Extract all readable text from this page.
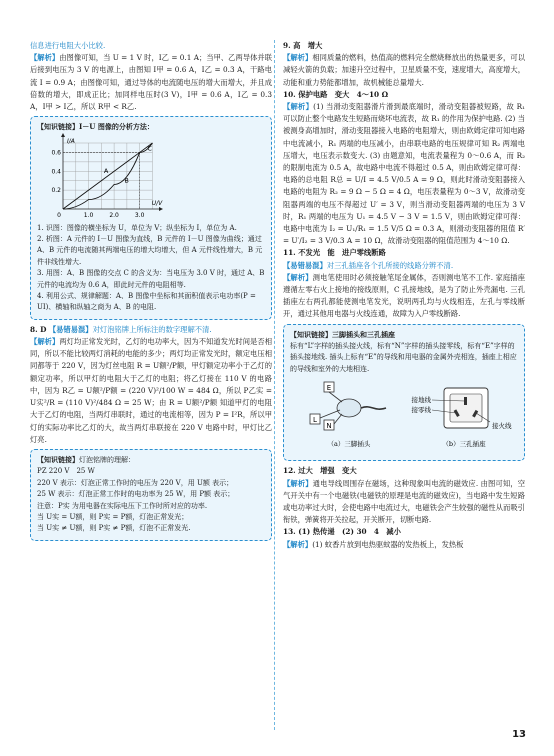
信息进行电阻大小比较.

【解析】由图像可知，当 U = 1 V 时，I乙 = 0.1 A；当甲、乙两导体并联后接到电压为 3 V 的电源上，由图知 I甲 = 0.6 A，I乙 = 0.3 A，干路电流 I = 0.9 A；由图像可知，通过导体的电流随电压的增大而增大，并且成倍数的增大，即成正比；加同样电压时(3 V)，I甲 = 0.6 A，I乙 = 0.3 A，I甲 > I乙，所以 R甲 < R乙.

【知识链接】I－U 图像的分析方法：
0	1.0	2.0	3.0
0.2
0.4
0.6
U/V
I/A
A
B
C
1. 识图：图像的横坐标为 U，单位为 V；纵坐标为 I，单位为 A.
2. 析图：A 元件的 I－U 图像为直线，B 元件的 I－U 图像为曲线；通过 A、B 元件的电流随其两端电压的增大均增大，但 A 元件线性增大，B 元件非线性增大.
3. 用图：A、B 图像的交点 C 的含义为：当电压为 3.0 V 时，通过 A、B 元件的电流均为 0.6 A，即此时元件的电阻相等.
4. 利用公式、规律解题：A、B 图像中坐标和其面积值表示电功率(P = UI)、横轴和纵轴之商为 A、B 的电阻.

8. D 【易错易混】对灯泡铭牌上所标注的数字理解不清.

【解析】两灯均正常发光时，乙灯的电功率大，因为不知道发光时间是否相同，所以不能比较两灯消耗的电能的多少；两灯均正常发光时，额定电压相同都等于 220 V，因为灯丝电阻 R = U额²/P额，甲灯额定功率小于乙灯的额定功率，所以甲灯的电阻大于乙灯的电阻；将乙灯接在 110 V 的电路中，因为 R乙 = U额²/P额 = (220 V)²/100 W = 484 Ω，所以 P乙实 = U实²/R = (110 V)²/484 Ω = 25 W；由 R = U额²/P额 知道甲灯的电阻大于乙灯的电阻，当两灯串联时，通过的电流相等，因为 P = I²R，所以甲灯的实际功率比乙灯的大，故当两灯串联接在 220 V 电路中时，甲灯比乙灯亮.

【知识链接】灯泡铭牌的理解：
PZ 220 V　25 W
220 V 表示：灯泡正常工作时的电压为 220 V，用 U额 表示；
25 W 表示：灯泡正常工作时的电功率为 25 W，用 P额 表示；
注意：P实 为用电器在实际电压下工作时所对应的功率.
当 U实 = U额，则 P实 = P额，灯泡正常发光；
当 U实 ≠ U额，则 P实 ≠ P额，灯泡不正常发光.

9. 高　增大

【解析】相同质量的燃料，热值高的燃料完全燃烧释放出的热量更多，可以减轻火箭的负载；加速升空过程中，卫星质量不变，速度增大，高度增大，动能和重力势能都增加，故机械能总量增大.

10. 保护电路　变大　4～10 Ω

【解析】(1) 当滑动变阻器滑片滑到最底端时，滑动变阻器被短路，故 R₁ 可以防止整个电路发生短路而烧坏电流表，故 R₁ 的作用为保护电路. (2) 当被测身高增加时，滑动变阻器接入电路的电阻增大，则由欧姆定律可知电路中电流减小，R₁ 两端的电压减小，由串联电路的电压规律可知 R₂ 两端电压增大，电压表示数变大. (3) 由题意知，电流表量程为 0～0.6 A，而 R₂ 的限制电流为 0.5 A，故电路中电流不得超过 0.5 A，则由欧姆定律可得：电路的总电阻 R总 = U/I = 4.5 V/0.5 A = 9 Ω，则此时滑动变阻器接入电路的电阻为 R₂ = 9 Ω − 5 Ω = 4 Ω，电压表量程为 0～3 V，故滑动变阻器两端的电压不得超过 U′ = 3 V，则当滑动变阻器两端的电压为 3 V 时，R₁ 两端的电压为 U₁ = 4.5 V − 3 V = 1.5 V，则由欧姆定律可得：电路中电流为 I₂ = U₁/R₁ = 1.5 V/5 Ω = 0.3 A，则滑动变阻器的阻值 R′ = U′/I₂ = 3 V/0.3 A = 10 Ω，故滑动变阻器的阻值范围为 4～10 Ω.

11. 不发光　能　进户零线断路

【易错易混】对三孔插座各个孔所接的线路分辨不清.

【解析】测电笔使用时必须接触笔尾金属体，否则测电笔不工作. 家庭插座遵循左零右火上接地的接线原则，C 孔接地线，是为了防止外壳漏电. 三孔插座左右两孔都能使测电笔发光，说明两孔均与火线相连，左孔与零线断开，通过其他用电器与火线连通，故障为入户零线断路.

【知识链接】三脚插头和三孔插座
标有“L”字样的插头接火线，标有“N”字样的插头接零线，标有“E”字样的插头接地线. 插头上标有“E”的导线和用电器的金属外壳相连，插座上相应的导线和室外的大地相连.
E
L
N
接地线
接零线
接火线
（a）三脚插头	（b）三孔插座

12. 过大　增强　变大

【解析】通电导线周围存在磁场，这种现象叫电流的磁效应. 由图可知，空气开关中有一个电磁铁(电磁铁的原理是电流的磁效应)，当电路中发生短路或电功率过大时，会使电路中电流过大，电磁铁会产生较强的磁性从而吸引衔铁，弹簧将开关拉起，开关断开，切断电路.

13. (1) 热传递　(2) 30　4　减小

【解析】(1) 蚊香片放到电热驱蚊器的发热板上，发热板

13
